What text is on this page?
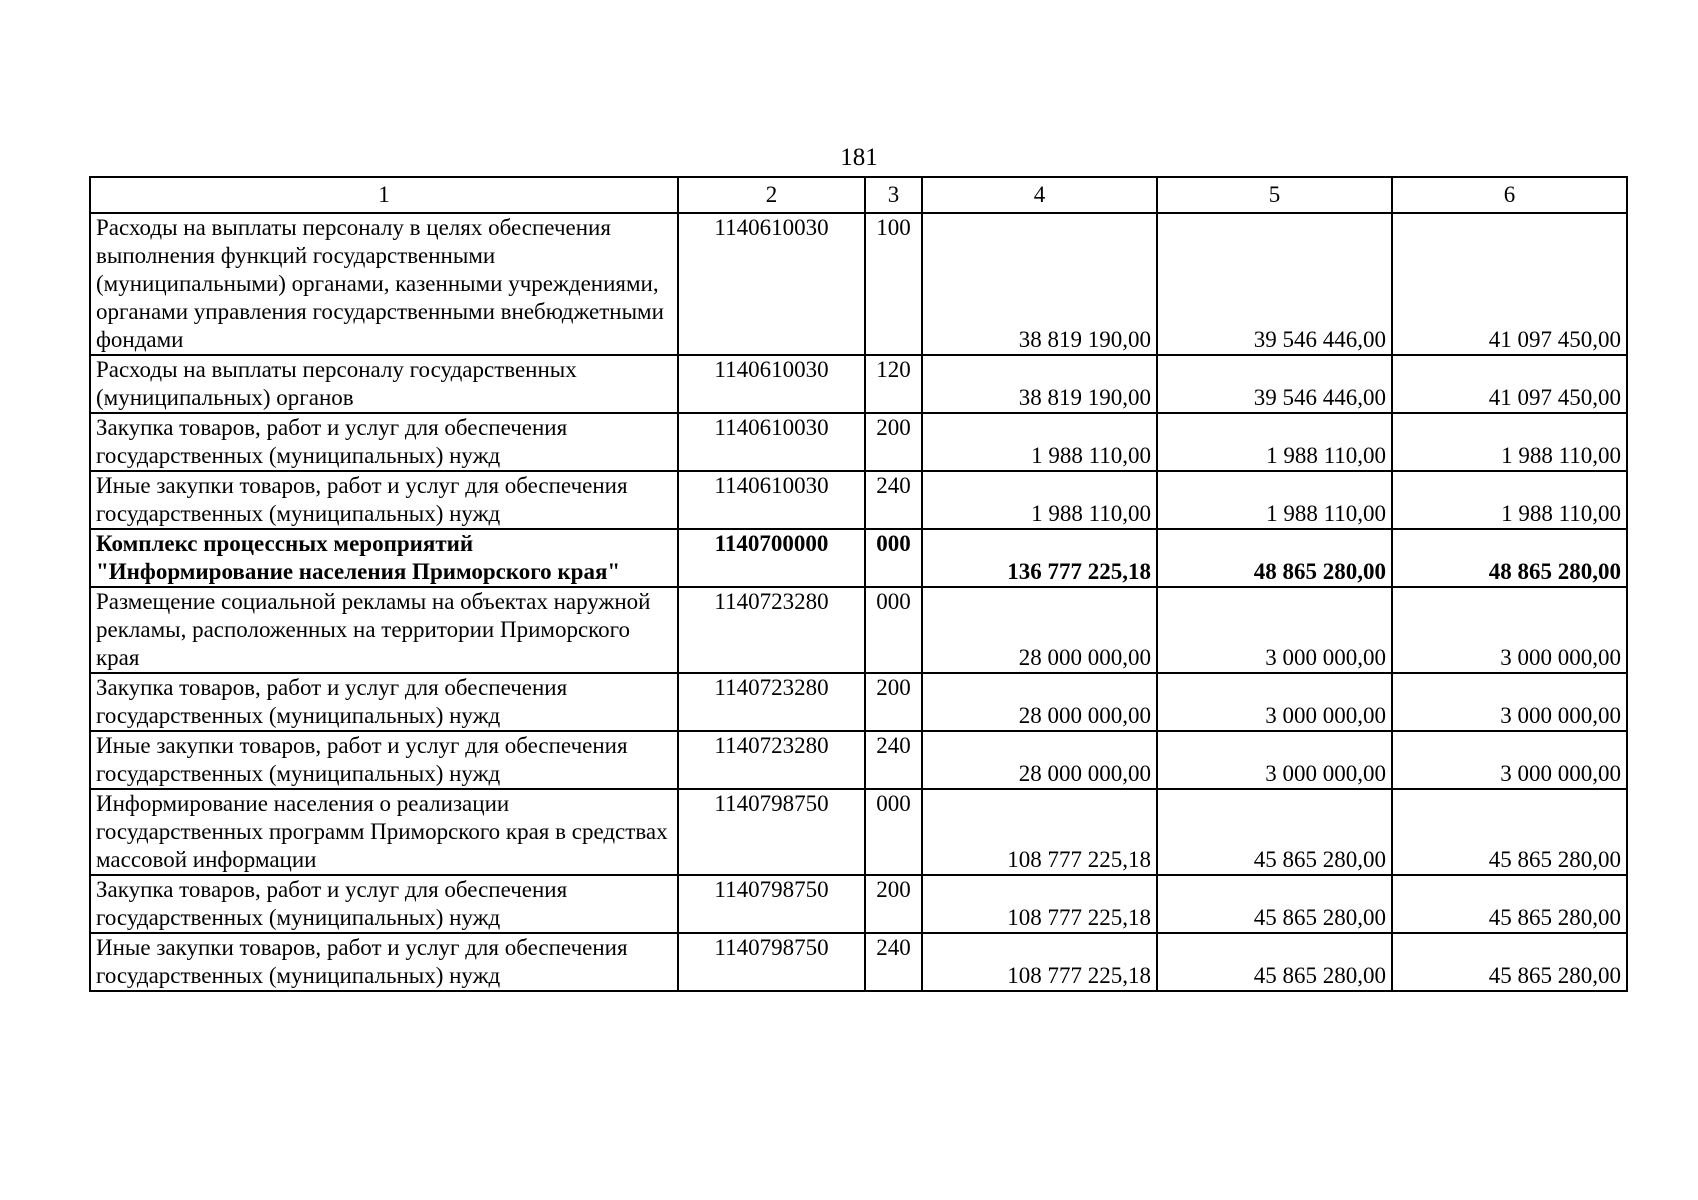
181
1	2	3	4	5	6
Расходы на выплаты персоналу в целях обеспечения выполнения функций государственными (муниципальными) органами, казенными учреждениями, органами управления государственными внебюджетными фондами	1140610030	100	38 819 190,00	39 546 446,00	41 097 450,00
Расходы на выплаты персоналу государственных (муниципальных) органов	1140610030	120	38 819 190,00	39 546 446,00	41 097 450,00
Закупка товаров, работ и услуг для обеспечения государственных (муниципальных) нужд	1140610030	200	1 988 110,00	1 988 110,00	1 988 110,00
Иные закупки товаров, работ и услуг для обеспечения государственных (муниципальных) нужд	1140610030	240	1 988 110,00	1 988 110,00	1 988 110,00
Комплекс процессных мероприятий "Информирование населения Приморского края"	1140700000	000	136 777 225,18	48 865 280,00	48 865 280,00
Размещение социальной рекламы на объектах наружной рекламы, расположенных на территории Приморского края	1140723280	000	28 000 000,00	3 000 000,00	3 000 000,00
Закупка товаров, работ и услуг для обеспечения государственных (муниципальных) нужд	1140723280	200	28 000 000,00	3 000 000,00	3 000 000,00
Иные закупки товаров, работ и услуг для обеспечения государственных (муниципальных) нужд	1140723280	240	28 000 000,00	3 000 000,00	3 000 000,00
Информирование населения о реализации государственных программ Приморского края в средствах массовой информации	1140798750	000	108 777 225,18	45 865 280,00	45 865 280,00
Закупка товаров, работ и услуг для обеспечения государственных (муниципальных) нужд	1140798750	200	108 777 225,18	45 865 280,00	45 865 280,00
Иные закупки товаров, работ и услуг для обеспечения государственных (муниципальных) нужд	1140798750	240	108 777 225,18	45 865 280,00	45 865 280,00
